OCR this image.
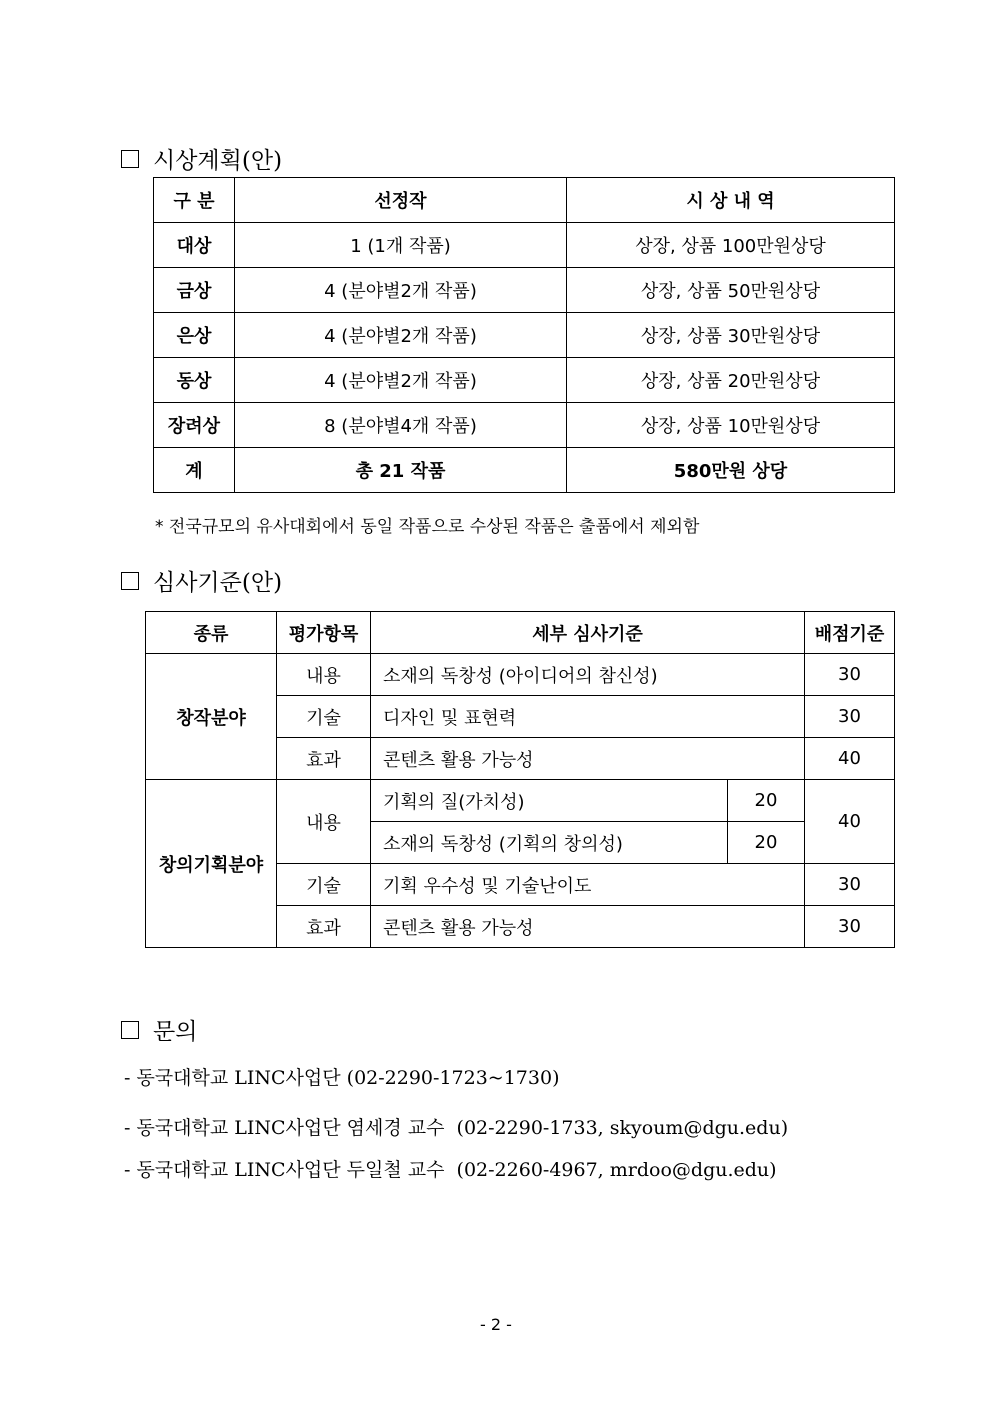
시상계획(안)
구 분	선정작	시 상 내 역
대상	1 (1개 작품)	상장, 상품 100만원상당
금상	4 (분야별2개 작품)	상장, 상품 50만원상당
은상	4 (분야별2개 작품)	상장, 상품 30만원상당
동상	4 (분야별2개 작품)	상장, 상품 20만원상당
장려상	8 (분야별4개 작품)	상장, 상품 10만원상당
계	총 21 작품	580만원 상당
* 전국규모의 유사대회에서 동일 작품으로 수상된 작품은 출품에서 제외함
심사기준(안)
종류	평가항목	세부 심사기준		배점기준
창작분야	내용	소재의 독창성 (아이디어의 참신성)		30
	기술	디자인 및 표현력		30
	효과	콘텐츠 활용 가능성		40
창의기획분야	내용	기획의 질(가치성)	20	40
		소재의 독창성 (기획의 창의성)	20	
	기술	기획 우수성 및 기술난이도		30
	효과	콘텐츠 활용 가능성		30
문의
- 동국대학교 LINC사업단 (02-2290-1723~1730)
- 동국대학교 LINC사업단 염세경 교수  (02-2290-1733, skyoum@dgu.edu)
- 동국대학교 LINC사업단 두일철 교수  (02-2260-4967, mrdoo@dgu.edu)
- 2 -
